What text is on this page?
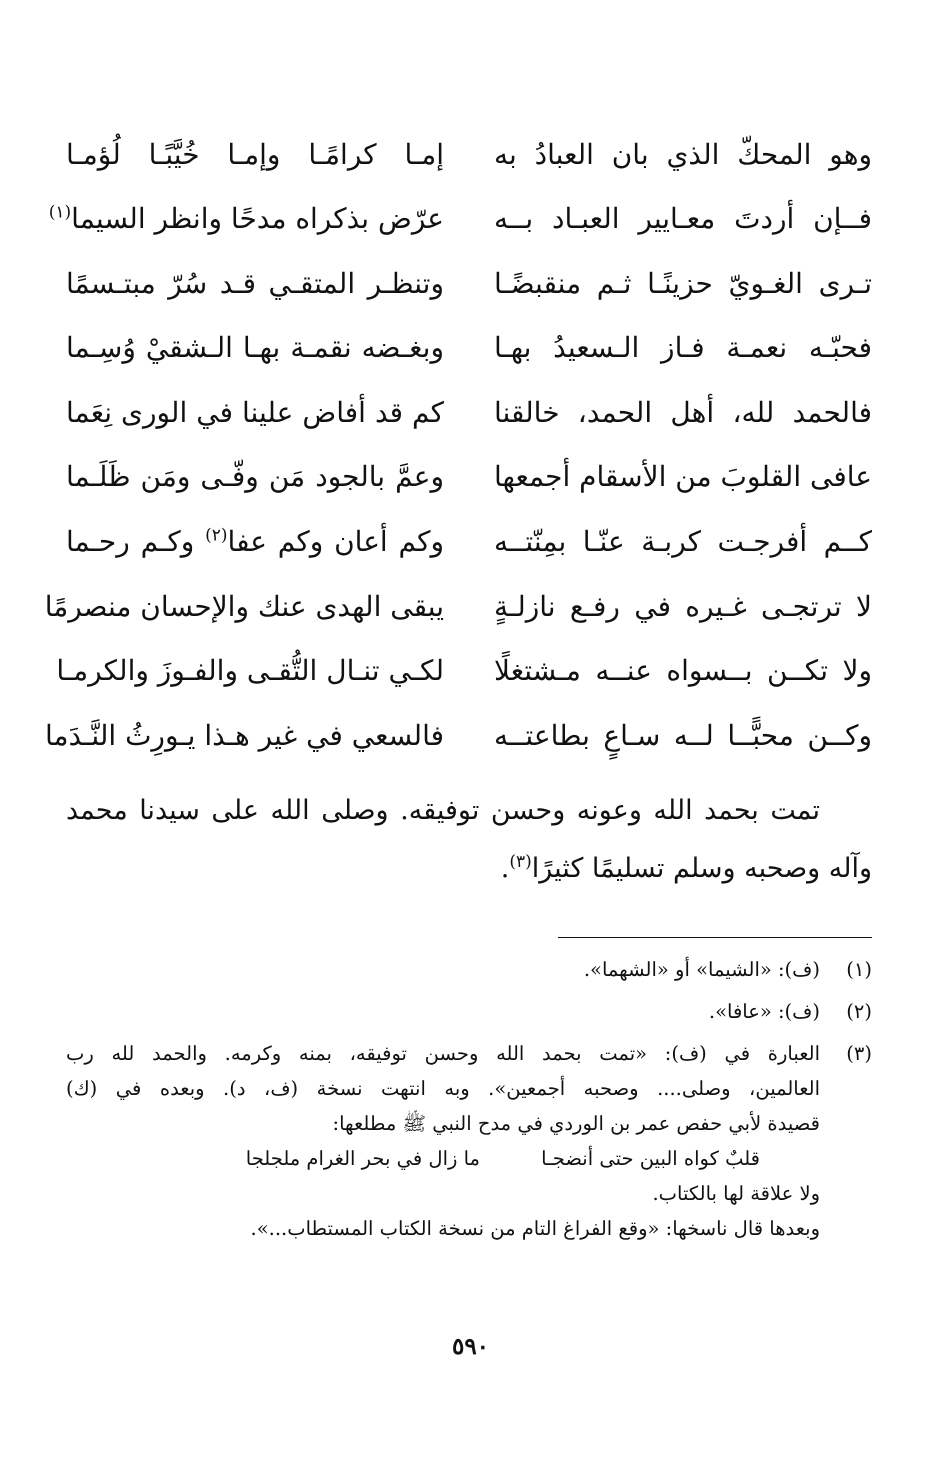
وهو المحكّ الذي بان العبادُ به
إمـا كرامًـا وإمـا خُيَّبًـا لُؤمـا
فــإن أردتَ معـايير العبـاد بــه
عرّض بذكراه مدحًا وانظر السيما$^{(١)}$
تـرى الغـويّ حزينًـا ثـم منقبضًـا
وتنظـر المتقـي قـد سُرّ مبتـسمًا
فحبّـه نعمـة فـاز الـسعيدُ بهـا
وبغـضه نقمـة بهـا الـشقيْ وُسِـما
فالحمد لله، أهل الحمد، خالقنا
كم قد أفاض علينا في الورى نِعَما
عافى القلوبَ من الأسقام أجمعها
وعمَّ بالجود مَن وفّـى ومَن ظَلَـما
كــم أفرجـت كربـة عنّـا بمِنّتــه
وكم أعان وكم عفا$^{(٢)}$ وكـم رحـما
لا ترتجـى غـيره في رفـع نازلـةٍ
يبقى الهدى عنك والإحسان منصرمًا
ولا تكــن بــسواه عنــه مـشتغلًا
لكـي تنـال التُّقـى والفـوزَ والكرمـا
وكــن محبًّــا لــه سـاعٍ بطاعتــه
فالسعي في غير هـذا يـورِثُ النَّـدَما

تمت بحمد الله وعونه وحسن توفيقه. وصلى الله على سيدنا محمد
وآله وصحبه وسلم تسليمًا كثيرًا$^{(٣)}$.

(١)
(ف): «الشيما» أو «الشهما».
(٢)
(ف): «عافا».
(٣)
العبارة في (ف): «تمت بحمد الله وحسن توفيقه، بمنه وكرمه. والحمد لله رب
العالمين، وصلى.... وصحبه أجمعين». وبه انتهت نسخة (ف، د). وبعده في (ك)
قصيدة لأبي حفص عمر بن الوردي في مدح النبي ﷺ مطلعها:
قلبٌ كواه البين حتى أنضجـا
ما زال في بحر الغرام ملجلجا
ولا علاقة لها بالكتاب.
وبعدها قال ناسخها: «وقع الفراغ التام من نسخة الكتاب المستطاب...».
٥٩٠
